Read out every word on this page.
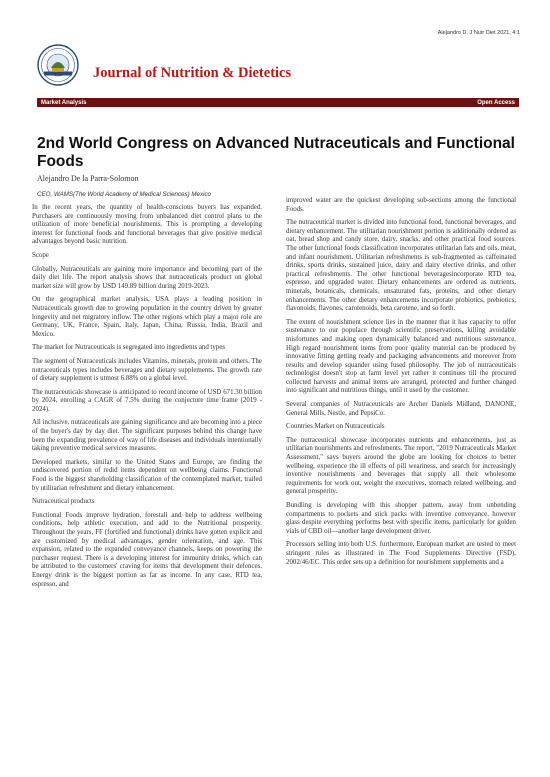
Alejandro D. J Nutr Diet 2021, 4:1
Journal of Nutrition & Dietetics
Market Analysis	Open Access
2nd World Congress on Advanced Nutraceuticals and Functional Foods
Alejandro De la Parra-Solomon
CEO, WAMS(The World Academy of Medical Sciences) Mexico

In the recent years, the quantity of health-conscious buyers has expanded. Purchasers are continuously moving from unbalanced diet control plans to the utilization of more beneficial nourishments. This is prompting a developing interest for functional foods and functional beverages that give positive medical advantages beyond basic nutrition.

Scope

Globally, Nutraceuticals are gaining more importance and becoming part of the daily diet life. The report analysis shows that nutraceuticals product on global market size will grow by USD 149.89 billion during 2019-2023.

On the geographical market analysis, USA plays a leading position in Nutraceuticals growth due to growing population in the country driven by greater longevity and net migratory inflow. The other regions which play a major role are Germany, UK, France, Spain, Italy, Japan, China, Russia, India, Brazil and Mexico.

The market for Nutraceuticals is segregated into ingredients and types

The segment of Nutraceuticals includes Vitamins, minerals, protein and others. The nutraceuticals types includes beverages and dietary supplements. The growth rate of dietary supplement is utmost 6.88% on a global level.

The nutraceuticals showcase is anticipated to record income of USD 671.30 billion by 2024, enrolling a CAGR of 7.5% during the conjecture time frame (2019 - 2024).

All inclusive, nutraceuticals are gaining significance and are becoming into a piece of the buyer's day by day diet. The significant purposes behind this change have been the expanding prevalence of way of life diseases and individuals intentionally taking preventive medical services measures.

Developed markets, similar to the United States and Europe, are finding the undiscovered portion of redid items dependent on wellbeing claims. Functional Food is the biggest shareholding classification of the contemplated market, trailed by utilitarian refreshment and dietary enhancement.

Nutraceutical products

Functional Foods improve hydration, forestall and help to address wellbeing conditions, help athletic execution, and add to the Nutritional prosperity. Throughout the years, FF (fortified and functional) drinks have gotten explicit and are customized by medical advantages, gender orientation, and age. This expansion, related to the expanded conveyance channels, keeps on powering the purchaser request. There is a developing interest for immunity drinks, which can be attributed to the customers' craving for items that development their defences. Energy drink is the biggest portion as far as income. In any case, RTD tea, espresso, and

improved water are the quickest developing sub-sections among the functional Foods.

The nutraceutical market is divided into functional food, functional beverages, and dietary enhancement. The utilitarian nourishment portion is additionally ordered as oat, bread shop and candy store, dairy, snacks, and other practical food sources. The other functional foods classification incorporates utilitarian fats and oils, meat, and infant nourishment. Utilitarian refreshments is sub-fragmented as caffeinated drinks, sports drinks, sustained juice, dairy and dairy elective drinks, and other practical refreshments. The other functional beveragesincorporate RTD tea, espresso, and upgraded water. Dietary enhancements are ordered as nutrients, minerals, botanicals, chemicals, unsaturated fats, proteins, and other dietary enhancements. The other dietary enhancements incorporate probiotics, prebiotics, flavonoids, flavones, carotenoids, beta carotene, and so forth.

The extent of nourishment science lies in the manner that it has capacity to offer sustenance to our populace through scientific preservations, killing avoidable misfortunes and making open dynamically balanced and nutritious sustenance. High regard nourishment items from poor quality material can be produced by innovative fitting getting ready and packaging advancements and moreover from results and develop squander using fused philosophy. The job of nutraceuticals technologist doesn't stop at farm level yet rather it continues till the procured collected harvests and animal items are arranged, protected and further changed into significant and nutritious things, until it used by the customer.

Several companies of Nutraceuticals are Archer Daniels Midland, DANONE, General Mills, Nestle, and PepsiCo.

Countries Market on Nutraceuticals

The nutraceutical showcase incorporates nutrients and enhancements, just as utilitarian nourishments and refreshments. The report, "2019 Nutraceuticals Market Assessment," says buyers around the globe are looking for choices to better wellbeing, experience the ill effects of pill weariness, and search for increasingly inventive nourishments and beverages that supply all their wholesome requirements for work out, weight the executives, stomach related wellbeing, and general prosperity.

Bundling is developing with this shopper pattern, away from unbending compartments to pockets and stick packs with inventive conveyance, however glass despite everything performs best with specific items, particularly for golden vials of CBD oil—another large development driver.

Processors selling into both U.S. furthermore, European market are tested to meet stringent rules as illustrated in The Food Supplements Directive (FSD), 2002/46/EC. This order sets up a definition for nourishment supplements and a
